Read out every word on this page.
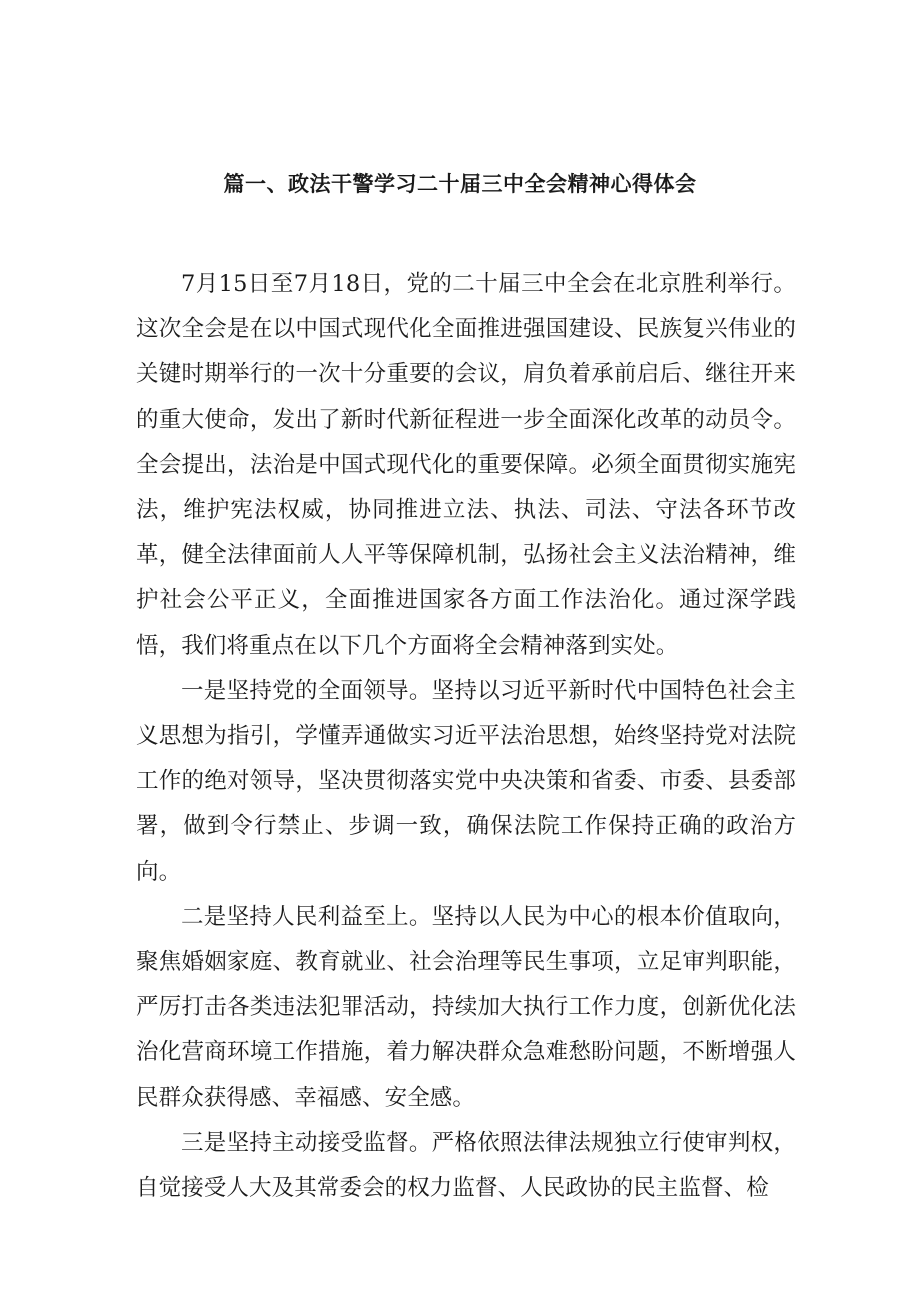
篇一、政法干警学习二十届三中全会精神心得体会

7月15日至7月18日，党的二十届三中全会在北京胜利举行。这次全会是在以中国式现代化全面推进强国建设、民族复兴伟业的关键时期举行的一次十分重要的会议，肩负着承前启后、继往开来的重大使命，发出了新时代新征程进一步全面深化改革的动员令。全会提出，法治是中国式现代化的重要保障。必须全面贯彻实施宪法，维护宪法权威，协同推进立法、执法、司法、守法各环节改革，健全法律面前人人平等保障机制，弘扬社会主义法治精神，维护社会公平正义，全面推进国家各方面工作法治化。通过深学践悟，我们将重点在以下几个方面将全会精神落到实处。

一是坚持党的全面领导。坚持以习近平新时代中国特色社会主义思想为指引，学懂弄通做实习近平法治思想，始终坚持党对法院工作的绝对领导，坚决贯彻落实党中央决策和省委、市委、县委部署，做到令行禁止、步调一致，确保法院工作保持正确的政治方向。

二是坚持人民利益至上。坚持以人民为中心的根本价值取向，聚焦婚姻家庭、教育就业、社会治理等民生事项，立足审判职能，严厉打击各类违法犯罪活动，持续加大执行工作力度，创新优化法治化营商环境工作措施，着力解决群众急难愁盼问题，不断增强人民群众获得感、幸福感、安全感。

三是坚持主动接受监督。严格依照法律法规独立行使审判权，自觉接受人大及其常委会的权力监督、人民政协的民主监督、检
